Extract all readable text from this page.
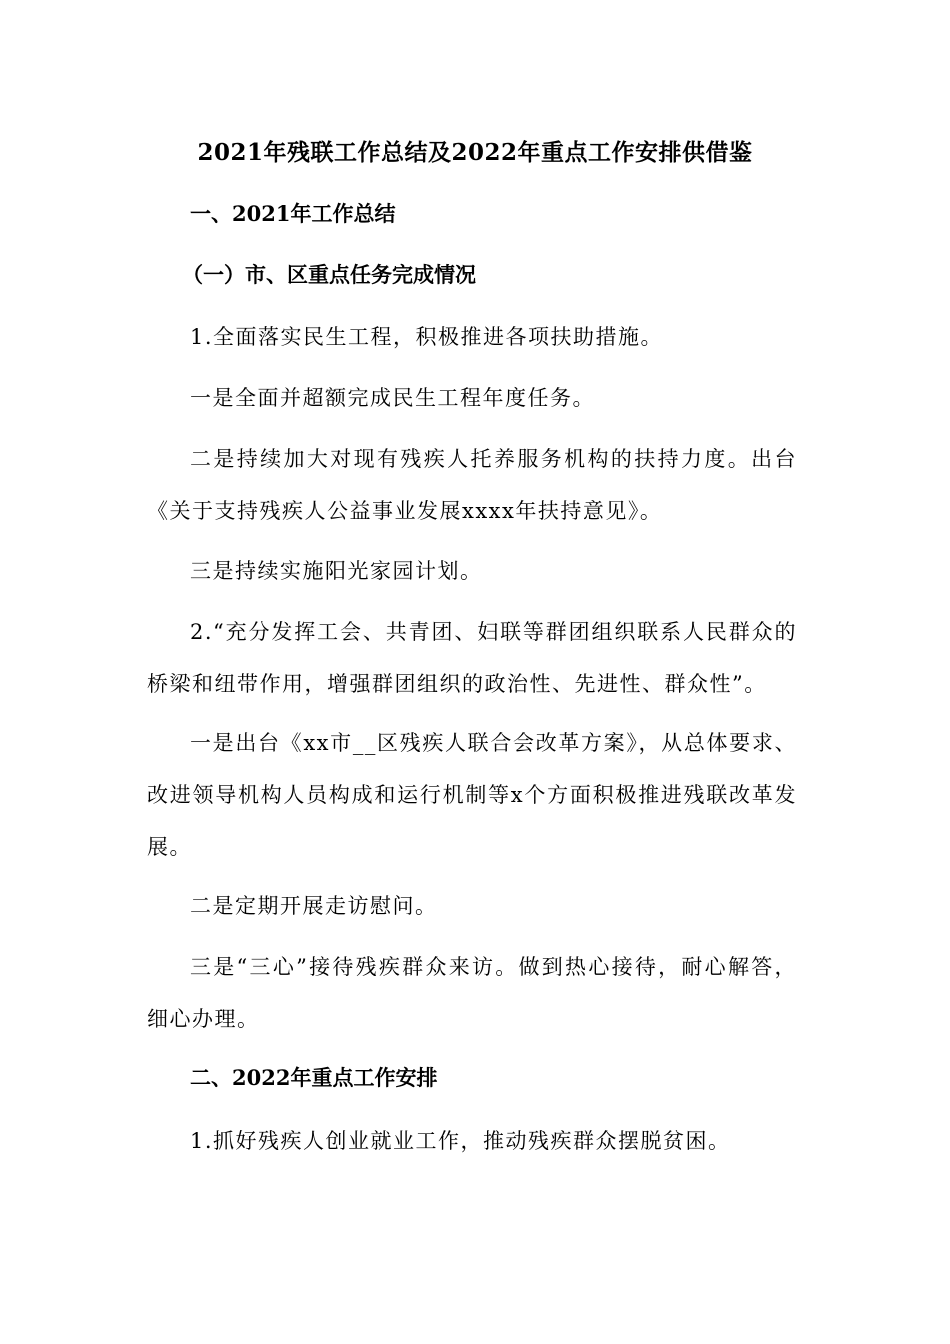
2021年残联工作总结及2022年重点工作安排供借鉴
一、2021年工作总结
（一）市、区重点任务完成情况
1.全面落实民生工程，积极推进各项扶助措施。
一是全面并超额完成民生工程年度任务。
二是持续加大对现有残疾人托养服务机构的扶持力度。出台《关于支持残疾人公益事业发展xxxx年扶持意见》。
三是持续实施阳光家园计划。
2.“充分发挥工会、共青团、妇联等群团组织联系人民群众的桥梁和纽带作用，增强群团组织的政治性、先进性、群众性”。
一是出台《xx市__区残疾人联合会改革方案》，从总体要求、改进领导机构人员构成和运行机制等x个方面积极推进残联改革发展。
二是定期开展走访慰问。
三是“三心”接待残疾群众来访。做到热心接待，耐心解答，细心办理。
二、2022年重点工作安排
1.抓好残疾人创业就业工作，推动残疾群众摆脱贫困。
